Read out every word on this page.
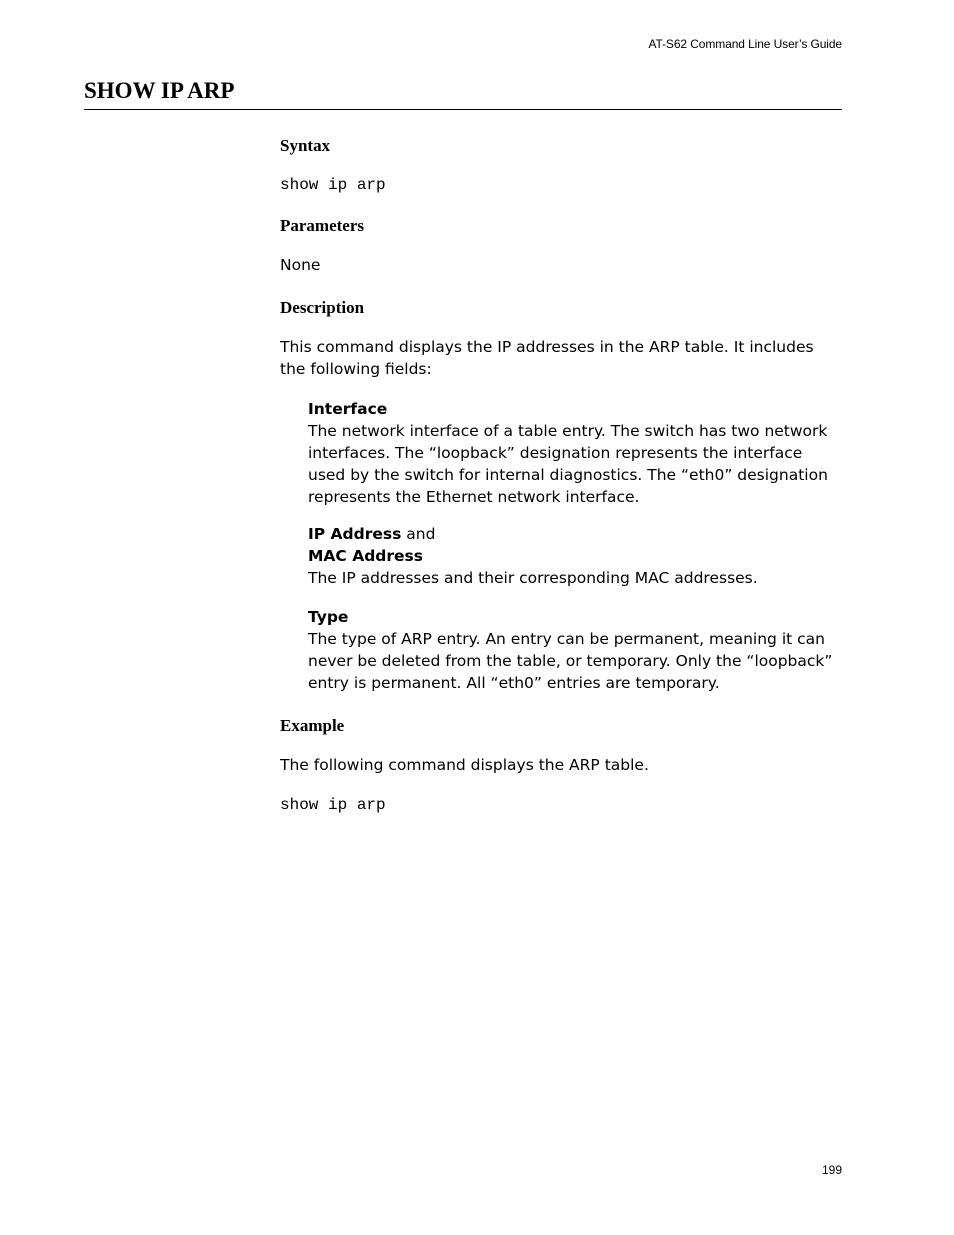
AT-S62 Command Line User’s Guide
SHOW IP ARP
Syntax
show ip arp
Parameters

None

Description

This command displays the IP addresses in the ARP table. It includes the following fields:

Interface
The network interface of a table entry. The switch has two network interfaces. The “loopback” designation represents the interface used by the switch for internal diagnostics. The “eth0” designation represents the Ethernet network interface.
IP Address and
MAC Address
The IP addresses and their corresponding MAC addresses.
Type
The type of ARP entry. An entry can be permanent, meaning it can never be deleted from the table, or temporary. Only the “loopback” entry is permanent. All “eth0” entries are temporary.
Example

The following command displays the ARP table.

show ip arp
199
